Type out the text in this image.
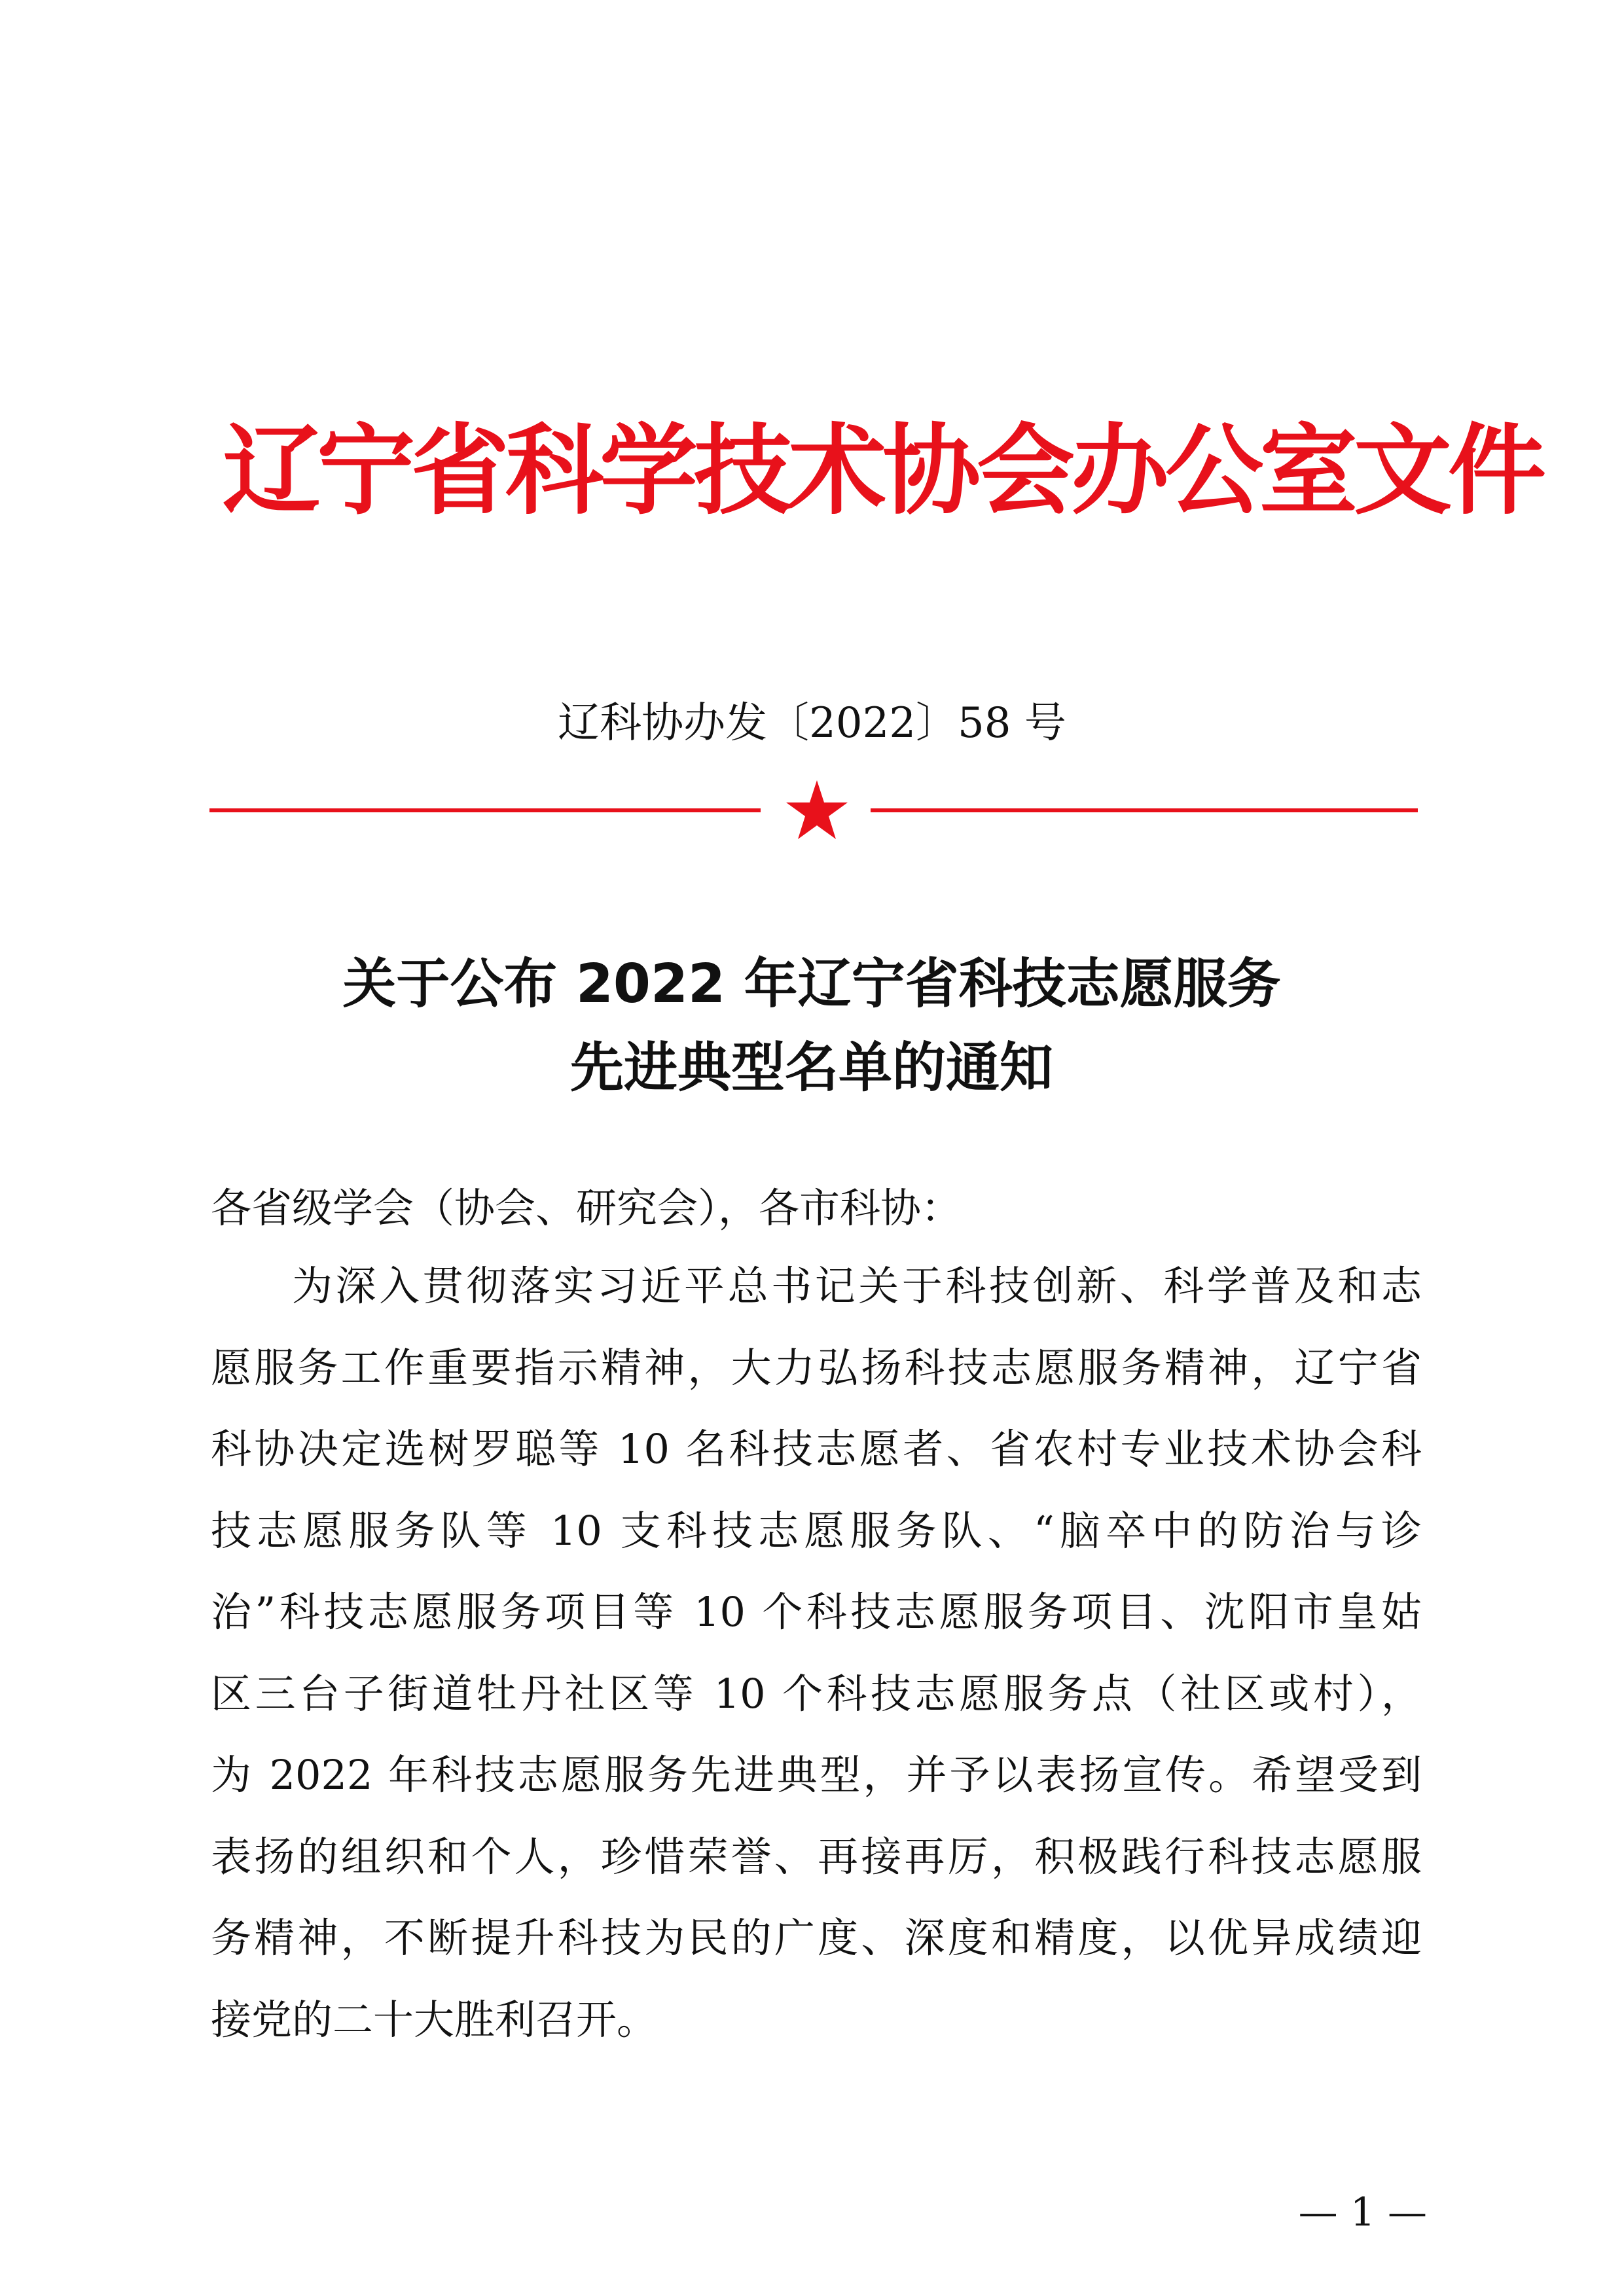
辽宁省科学技术协会办公室文件
辽科协办发〔2022〕58 号
关于公布 2022 年辽宁省科技志愿服务
先进典型名单的通知
各省级学会（协会、研究会），各市科协：
为深入贯彻落实习近平总书记关于科技创新、科学普及和志
愿服务工作重要指示精神，大力弘扬科技志愿服务精神，辽宁省
科协决定选树罗聪等 10 名科技志愿者、省农村专业技术协会科
技志愿服务队等 10 支科技志愿服务队、“脑卒中的防治与诊
治”科技志愿服务项目等 10 个科技志愿服务项目、沈阳市皇姑
区三台子街道牡丹社区等 10 个科技志愿服务点（社区或村），
为 2022 年科技志愿服务先进典型，并予以表扬宣传。希望受到
表扬的组织和个人，珍惜荣誉、再接再厉，积极践行科技志愿服
务精神，不断提升科技为民的广度、深度和精度，以优异成绩迎
接党的二十大胜利召开。
— 1 —
